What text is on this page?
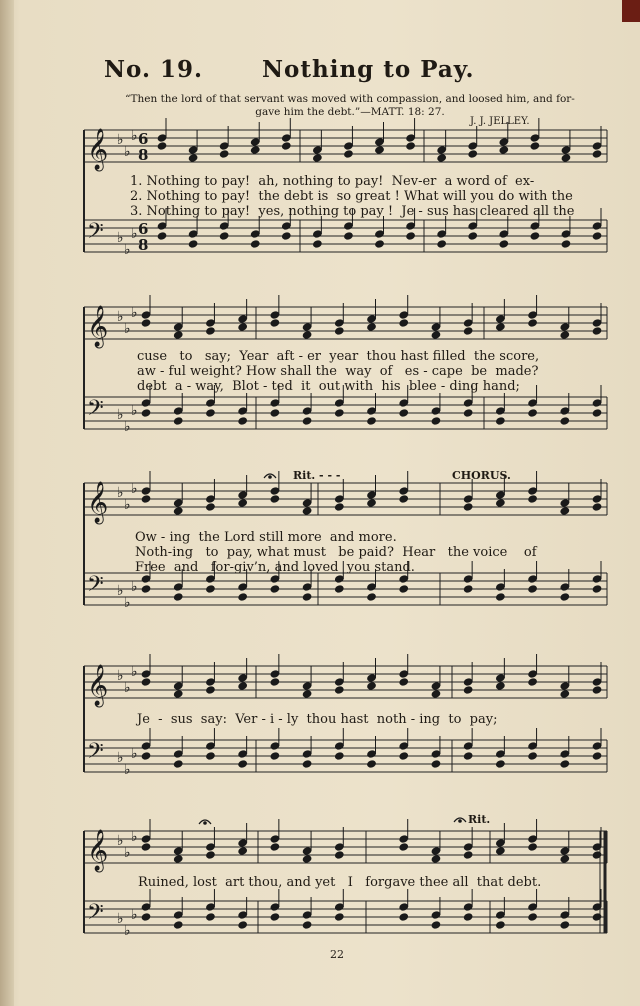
No. 19.	Nothing to Pay.
“Then the lord of that servant was moved with compassion, and loosed him, and for-
gave him the debt.”—MATT. 18: 27.
J. J. JELLEY.
𝄞
𝄢
♭
♭
♭
♭
♭
♭
6
8
6
8
𝄞
𝄢
♭
♭
♭
♭
♭
♭
𝄞
𝄢
♭
♭
♭
♭
♭
♭
𝄞
𝄢
♭
♭
♭
♭
♭
♭
𝄞
𝄢
♭
♭
♭
♭
♭
♭
1. Nothing to pay!  ah, nothing to pay!  Nev-er  a word of  ex-
2. Nothing to pay!  the debt is  so great ! What will you do with the
3. Nothing to pay!  yes, nothing to pay !  Je - sus has cleared all the
cuse   to   say;  Year  aft - er  year  thou hast filled  the score,
aw - ful weight? How shall the  way  of   es - cape  be  made?
debt  a - way,  Blot - ted  it  out with  his  blee - ding hand;
Rit. - - -	CHORUS.
Ow - ing  the Lord still more  and more.
Noth-ing   to  pay, what must   be paid?  Hear   the voice    of
Free  and   for-giv’n, and loved  you stand.
Je  -  sus  say:  Ver - i - ly  thou hast  noth - ing  to  pay;
Rit.
Ruined, lost  art thou, and yet   I   forgave thee all  that debt.
22
